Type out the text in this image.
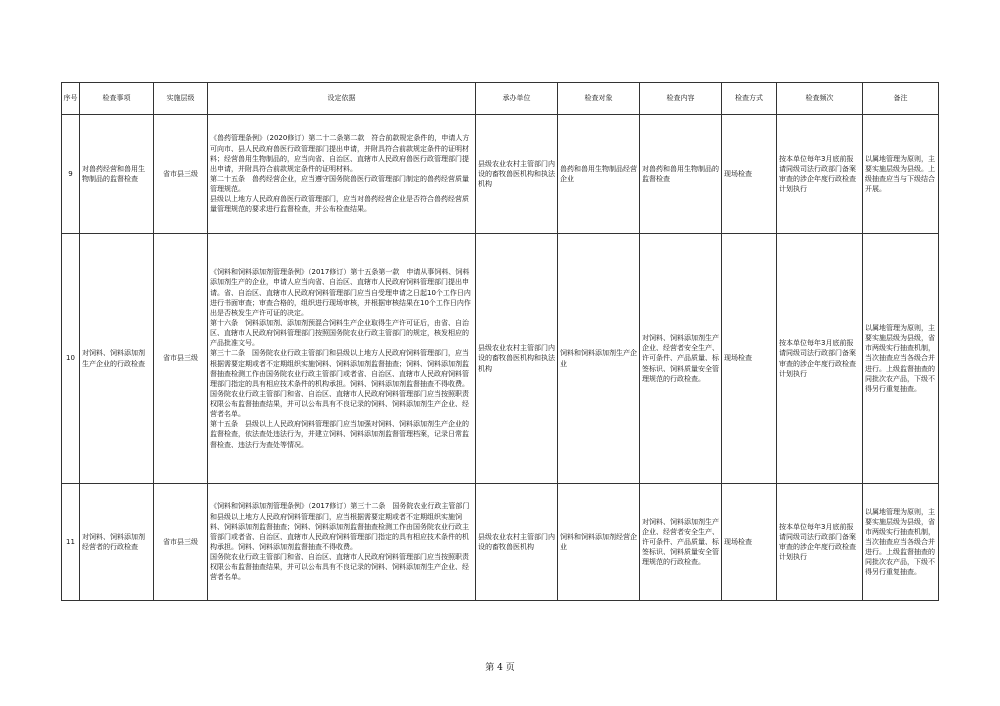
序号	检查事项	实施层级	设定依据	承办单位	检查对象	检查内容	检查方式	检查频次	备注
9	对兽药经营和兽用生物制品的监督检查	省市县三级	《兽药管理条例》（2020修订）第二十二条第二款　符合前款规定条件的，申请人方可向市、县人民政府兽医行政管理部门提出申请，并附具符合前款规定条件的证明材料；经营兽用生物制品的，应当向省、自治区、直辖市人民政府兽医行政管理部门提出申请，并附具符合前款规定条件的证明材料。

第二十五条　兽药经营企业，应当遵守国务院兽医行政管理部门制定的兽药经营质量管理规范。

县级以上地方人民政府兽医行政管理部门，应当对兽药经营企业是否符合兽药经营质量管理规范的要求进行监督检查，并公布检查结果。	县级农业农村主管部门内设的畜牧兽医机构和执法机构	兽药和兽用生物制品经营企业	对兽药和兽用生物制品的监督检查	现场检查	按本单位每年3月底前报请同级司法行政部门备案审查的涉企年度行政检查计划执行	以属地管理为原则，主要实施层级为县级。上级抽查应当与下级结合开展。
10	对饲料、饲料添加剂生产企业的行政检查	省市县三级	《饲料和饲料添加剂管理条例》（2017修订）第十五条第一款　申请从事饲料、饲料添加剂生产的企业，申请人应当向省、自治区、直辖市人民政府饲料管理部门提出申请。省、自治区、直辖市人民政府饲料管理部门应当自受理申请之日起10个工作日内进行书面审查；审查合格的，组织进行现场审核，并根据审核结果在10个工作日内作出是否核发生产许可证的决定。

第十六条　饲料添加剂、添加剂预混合饲料生产企业取得生产许可证后，由省、自治区、直辖市人民政府饲料管理部门按照国务院农业行政主管部门的规定，核发相应的产品批准文号。

第三十二条　国务院农业行政主管部门和县级以上地方人民政府饲料管理部门，应当根据需要定期或者不定期组织实施饲料、饲料添加剂监督抽查；饲料、饲料添加剂监督抽查检测工作由国务院农业行政主管部门或者省、自治区、直辖市人民政府饲料管理部门指定的具有相应技术条件的机构承担。饲料、饲料添加剂监督抽查不得收费。

国务院农业行政主管部门和省、自治区、直辖市人民政府饲料管理部门应当按照职责权限公布监督抽查结果，并可以公布具有不良记录的饲料、饲料添加剂生产企业、经营者名单。

第十五条　县级以上人民政府饲料管理部门应当加强对饲料、饲料添加剂生产企业的监督检查，依法查处违法行为，并建立饲料、饲料添加剂监督管理档案，记录日常监督检查、违法行为查处等情况。	县级农业农村主管部门内设的畜牧兽医机构和执法机构	饲料和饲料添加剂生产企业	对饲料、饲料添加剂生产企业、经营者安全生产、许可条件、产品质量、标签标识、饲料质量安全管理规范的行政检查。	现场检查	按本单位每年3月底前报请同级司法行政部门备案审查的涉企年度行政检查计划执行	以属地管理为原则，主要实施层级为县级，省市两级实行抽查机制，当次抽查应当各级合并进行。上级监督抽查的同批次农产品，下级不得另行重复抽查。
11	对饲料、饲料添加剂经营者的行政检查	省市县三级	《饲料和饲料添加剂管理条例》（2017修订）第三十二条　国务院农业行政主管部门和县级以上地方人民政府饲料管理部门，应当根据需要定期或者不定期组织实施饲料、饲料添加剂监督抽查；饲料、饲料添加剂监督抽查检测工作由国务院农业行政主管部门或者省、自治区、直辖市人民政府饲料管理部门指定的具有相应技术条件的机构承担。饲料、饲料添加剂监督抽查不得收费。

国务院农业行政主管部门和省、自治区、直辖市人民政府饲料管理部门应当按照职责权限公布监督抽查结果，并可以公布具有不良记录的饲料、饲料添加剂生产企业、经营者名单。	县级农业农村主管部门内设的畜牧兽医机构	饲料和饲料添加剂经营企业	对饲料、饲料添加剂生产企业、经营者安全生产、许可条件、产品质量、标签标识、饲料质量安全管理规范的行政检查。	现场检查	按本单位每年3月底前报请同级司法行政部门备案审查的涉企年度行政检查计划执行	以属地管理为原则，主要实施层级为县级，省市两级实行抽查机制，当次抽查应当各级合并进行。上级监督抽查的同批次农产品，下级不得另行重复抽查。
第 4 页
